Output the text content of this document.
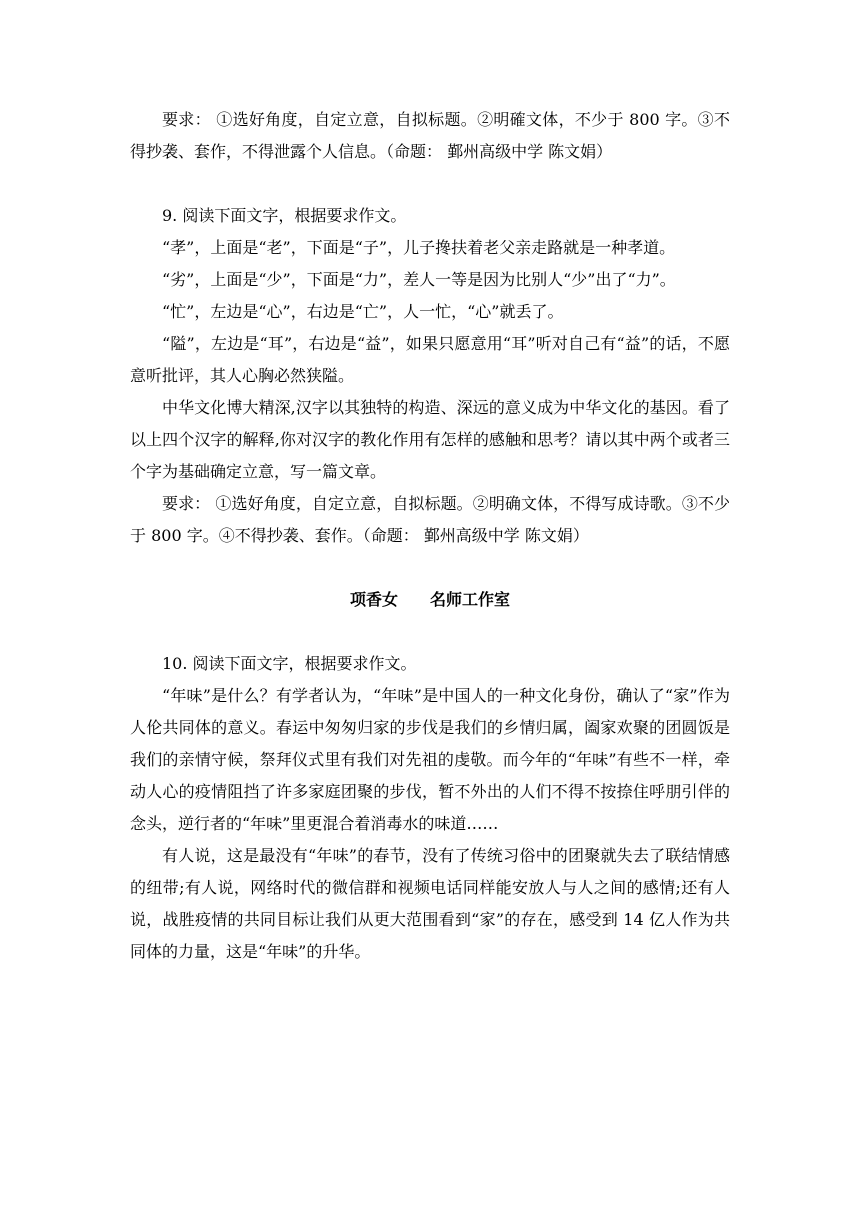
要求： ①选好角度，自定立意，自拟标题。②明確文体，不少于 800 字。③不得抄袭、套作，不得泄露个人信息。（命题： 鄞州高级中学 陈文娟）

9. 阅读下面文字，根据要求作文。

“孝”，上面是“老”，下面是“子”，儿子搀扶着老父亲走路就是一种孝道。

“劣”，上面是“少”，下面是“力”，差人一等是因为比别人“少”出了“力”。

“忙”，左边是“心”，右边是“亡”，人一忙，“心”就丢了。

“隘”，左边是“耳”，右边是“益”，如果只愿意用“耳”听对自己有“益”的话，不愿意听批评，其人心胸必然狭隘。

中华文化博大精深,汉字以其独特的构造、深远的意义成为中华文化的基因。看了以上四个汉字的解释,你对汉字的教化作用有怎样的感触和思考？请以其中两个或者三个字为基础确定立意，写一篇文章。

要求： ①选好角度，自定立意，自拟标题。②明确文体，不得写成诗歌。③不少于 800 字。④不得抄袭、套作。（命题： 鄞州高级中学 陈文娟）

项香女　　名师工作室

10. 阅读下面文字，根据要求作文。

“年味”是什么？有学者认为，“年味”是中国人的一种文化身份，确认了“家”作为人伦共同体的意义。春运中匆匆归家的步伐是我们的乡情归属，阖家欢聚的团圆饭是我们的亲情守候，祭拜仪式里有我们对先祖的虔敬。而今年的“年味”有些不一样，牵动人心的疫情阻挡了许多家庭团聚的步伐，暂不外出的人们不得不按捺住呼朋引伴的念头，逆行者的“年味”里更混合着消毒水的味道……

有人说，这是最没有“年味”的春节，没有了传统习俗中的团聚就失去了联结情感的纽带;有人说，网络时代的微信群和视频电话同样能安放人与人之间的感情;还有人说，战胜疫情的共同目标让我们从更大范围看到“家”的存在，感受到 14 亿人作为共同体的力量，这是“年味”的升华。
